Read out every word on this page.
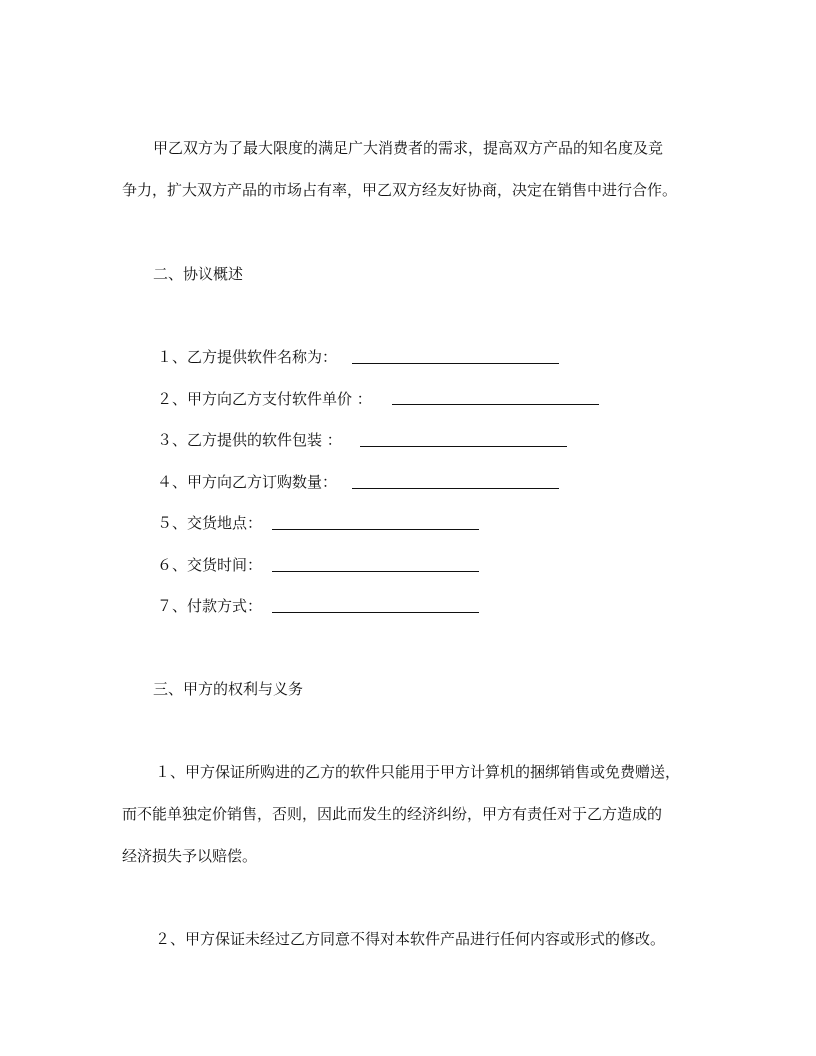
甲乙双方为了最大限度的满足广大消费者的需求，提高双方产品的知名度及竞
争力，扩大双方产品的市场占有率，甲乙双方经友好协商，决定在销售中进行合作。
二、协议概述
１、乙方提供软件名称为：
２、甲方向乙方支付软件单价 ：
３、乙方提供的软件包装 ：
４、甲方向乙方订购数量：
５、交货地点：
６、交货时间：
７、付款方式：
三、甲方的权利与义务
１、甲方保证所购进的乙方的软件只能用于甲方计算机的捆绑销售或免费赠送，
而不能单独定价销售，否则，因此而发生的经济纠纷，甲方有责任对于乙方造成的
经济损失予以赔偿。
２、甲方保证未经过乙方同意不得对本软件产品进行任何内容或形式的修改。
